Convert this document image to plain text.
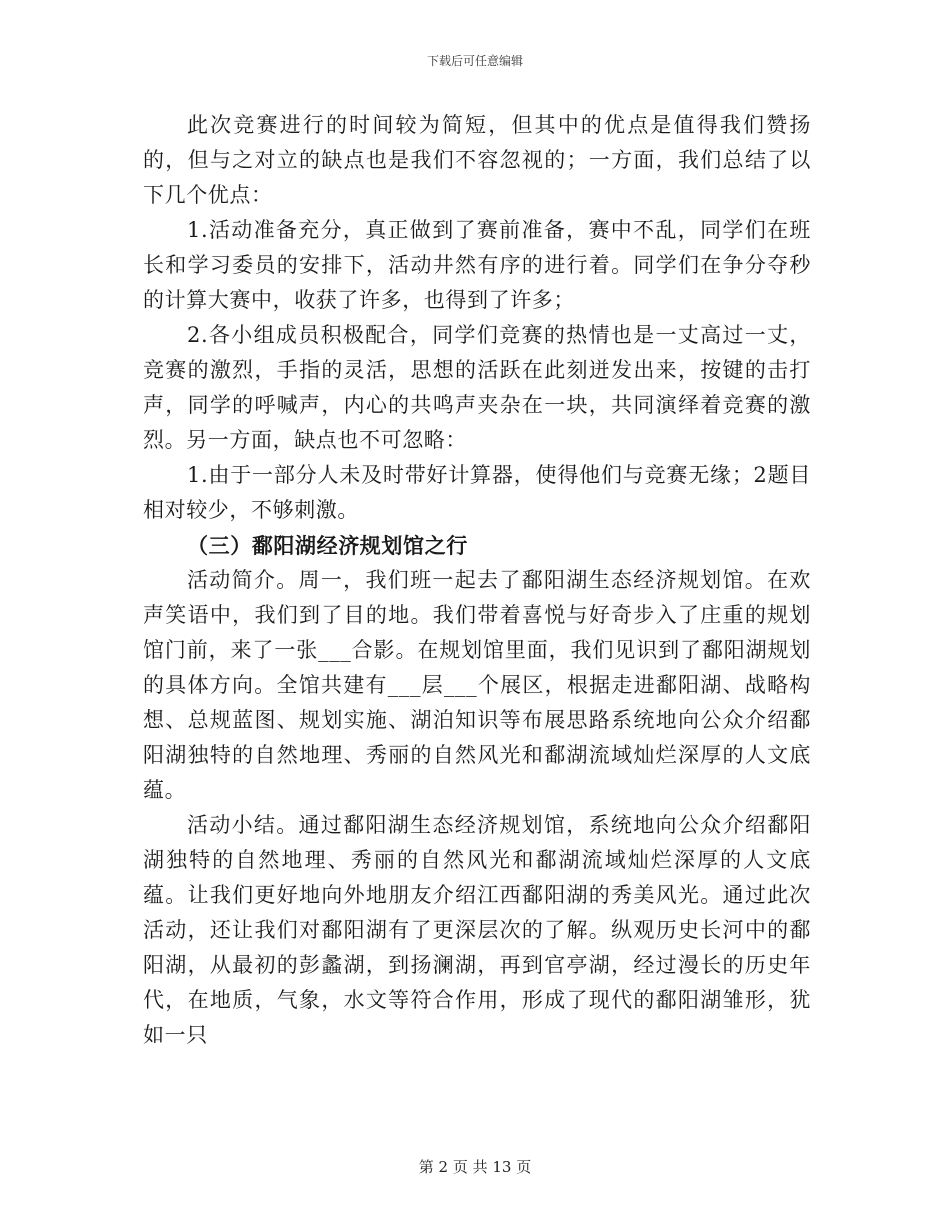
下载后可任意编辑

此次竞赛进行的时间较为简短，但其中的优点是值得我们赞扬的，但与之对立的缺点也是我们不容忽视的；一方面，我们总结了以下几个优点：

1.活动准备充分，真正做到了赛前准备，赛中不乱，同学们在班长和学习委员的安排下，活动井然有序的进行着。同学们在争分夺秒的计算大赛中，收获了许多，也得到了许多；

2.各小组成员积极配合，同学们竞赛的热情也是一丈高过一丈，竞赛的激烈，手指的灵活，思想的活跃在此刻迸发出来，按键的击打声，同学的呼喊声，内心的共鸣声夹杂在一块，共同演绎着竞赛的激烈。另一方面，缺点也不可忽略：

1.由于一部分人未及时带好计算器，使得他们与竞赛无缘；2题目相对较少，不够刺激。

（三）鄱阳湖经济规划馆之行

活动简介。周一，我们班一起去了鄱阳湖生态经济规划馆。在欢声笑语中，我们到了目的地。我们带着喜悦与好奇步入了庄重的规划馆门前，来了一张___合影。在规划馆里面，我们见识到了鄱阳湖规划的具体方向。全馆共建有___层___个展区，根据走进鄱阳湖、战略构想、总规蓝图、规划实施、湖泊知识等布展思路系统地向公众介绍鄱阳湖独特的自然地理、秀丽的自然风光和鄱湖流域灿烂深厚的人文底蕴。

活动小结。通过鄱阳湖生态经济规划馆，系统地向公众介绍鄱阳湖独特的自然地理、秀丽的自然风光和鄱湖流域灿烂深厚的人文底蕴。让我们更好地向外地朋友介绍江西鄱阳湖的秀美风光。通过此次活动，还让我们对鄱阳湖有了更深层次的了解。纵观历史长河中的鄱阳湖，从最初的彭蠡湖，到扬澜湖，再到官亭湖，经过漫长的历史年代，在地质，气象，水文等符合作用，形成了现代的鄱阳湖雏形，犹如一只

第 2 页 共 13 页
